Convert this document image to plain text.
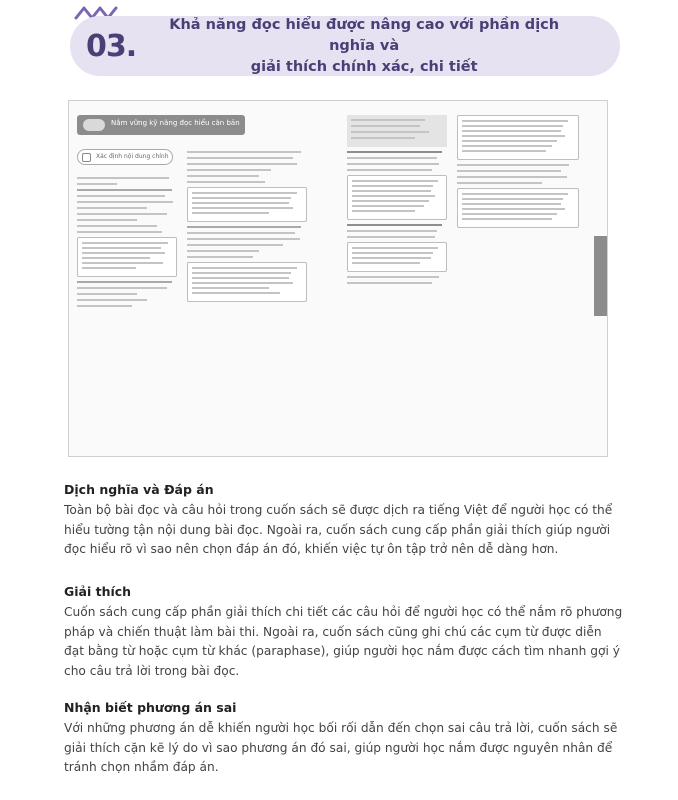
03.
Khả năng đọc hiểu được nâng cao với phần dịch nghĩa và
giải thích chính xác, chi tiết
Nắm vững kỹ năng đọc hiểu căn bản
Xác định nội dung chính
Dịch nghĩa và Đáp án
Toàn bộ bài đọc và câu hỏi trong cuốn sách sẽ được dịch ra tiếng Việt để người học có thể hiểu tường tận nội dung bài đọc. Ngoài ra, cuốn sách cung cấp phần giải thích giúp người đọc hiểu rõ vì sao nên chọn đáp án đó, khiến việc tự ôn tập trở nên dễ dàng hơn.
Giải thích
Cuốn sách cung cấp phần giải thích chi tiết các câu hỏi để người học có thể nắm rõ phương pháp và chiến thuật làm bài thi. Ngoài ra, cuốn sách cũng ghi chú các cụm từ được diễn đạt bằng từ hoặc cụm từ khác (paraphase), giúp người học nắm được cách tìm nhanh gợi ý cho câu trả lời trong bài đọc.
Nhận biết phương án sai
Với những phương án dễ khiến người học bối rối dẫn đến chọn sai câu trả lời, cuốn sách sẽ giải thích cặn kẽ lý do vì sao phương án đó sai, giúp người học nắm được nguyên nhân để tránh chọn nhầm đáp án.
